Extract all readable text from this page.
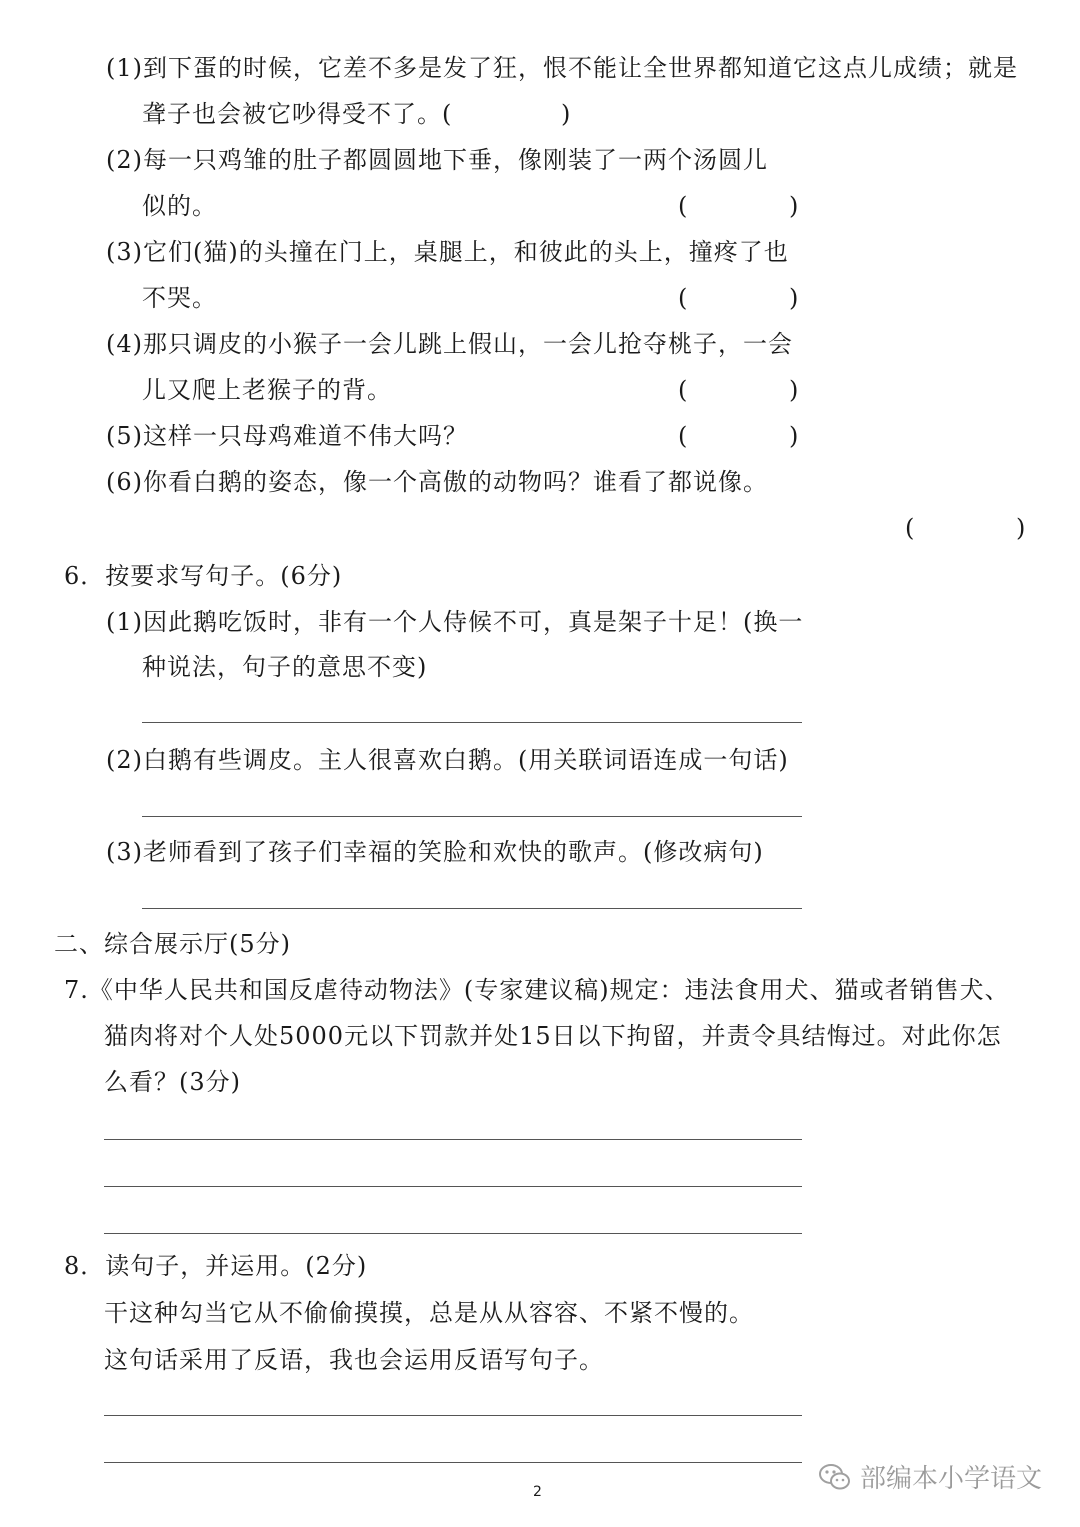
(1)到下蛋的时候，它差不多是发了狂，恨不能让全世界都知道它这点儿成绩；就是
聋子也会被它吵得受不了。(	)
(2)每一只鸡雏的肚子都圆圆地下垂，像刚装了一两个汤圆儿
似的。	(	)
(3)它们(猫)的头撞在门上，桌腿上，和彼此的头上，撞疼了也
不哭。	(	)
(4)那只调皮的小猴子一会儿跳上假山，一会儿抢夺桃子，一会
儿又爬上老猴子的背。	(	)
(5)这样一只母鸡难道不伟大吗？	(	)
(6)你看白鹅的姿态，像一个高傲的动物吗？谁看了都说像。
(	)
6．按要求写句子。(6分)
(1)因此鹅吃饭时，非有一个人侍候不可，真是架子十足！(换一
种说法，句子的意思不变)
(2)白鹅有些调皮。主人很喜欢白鹅。(用关联词语连成一句话)
(3)老师看到了孩子们幸福的笑脸和欢快的歌声。(修改病句)
二、综合展示厅(5分)
7.《中华人民共和国反虐待动物法》(专家建议稿)规定：违法食用犬、猫或者销售犬、
猫肉将对个人处5000元以下罚款并处15日以下拘留，并责令具结悔过。对此你怎
么看？(3分)
8．读句子，并运用。(2分)
干这种勾当它从不偷偷摸摸，总是从从容容、不紧不慢的。
这句话采用了反语，我也会运用反语写句子。
2	部编本小学语文
